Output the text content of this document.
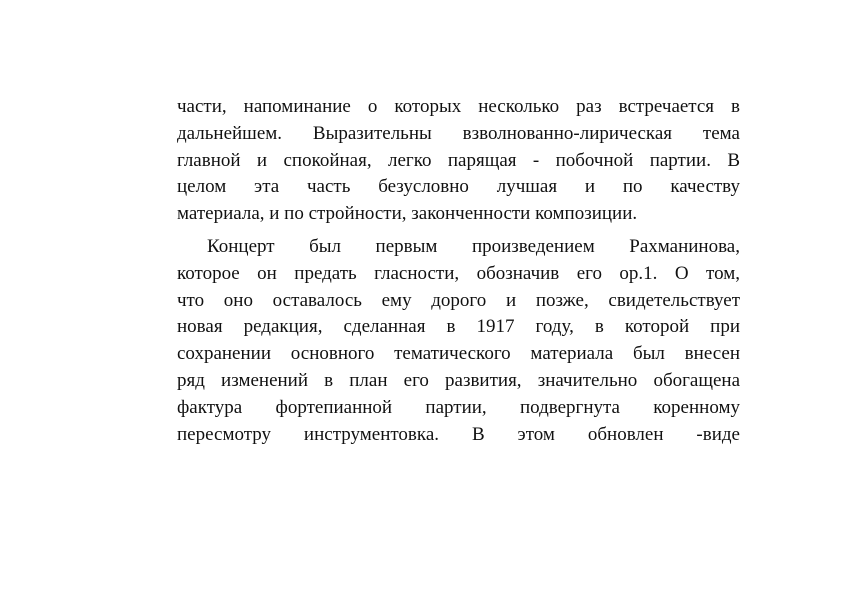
части, напоминание о которых несколько раз встречается в
дальнейшем. Выразительны взволнованно-лирическая тема
главной и спокойная, легко парящая - побочной партии. В
целом эта часть безусловно лучшая и по качеству
материала, и по стройности, законченности композиции.
Концерт был первым произведением Рахманинова,
которое он предать гласности, обозначив его ор.1. О том,
что оно оставалось ему дорого и позже, свидетельствует
новая редакция, сделанная в 1917 году, в которой при
сохранении основного тематического материала был внесен
ряд изменений в план его развития, значительно обогащена
фактура фортепианной партии, подвергнута коренному
пересмотру инструментовка. В этом обновлен -виде
